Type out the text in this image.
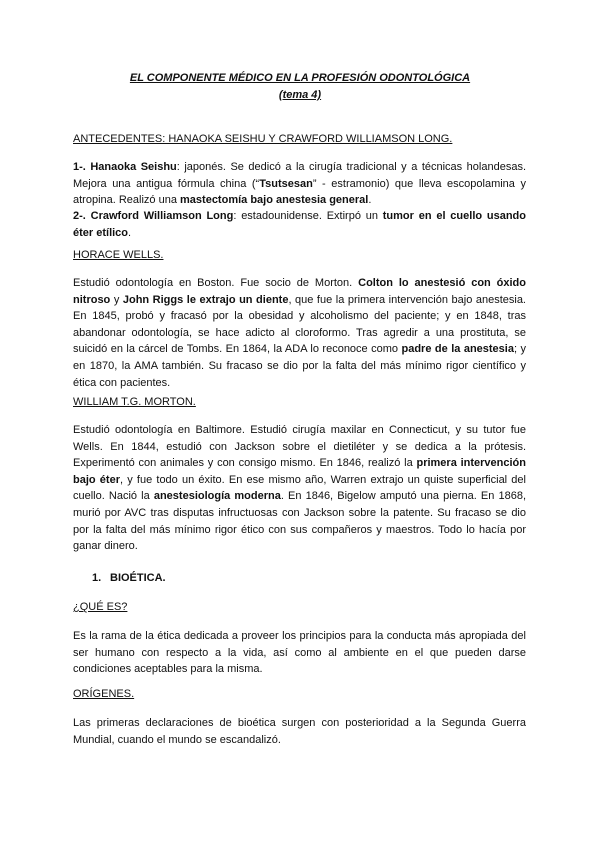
EL COMPONENTE MÉDICO EN LA PROFESIÓN ODONTOLÓGICA
(tema 4)
ANTECEDENTES: HANAOKA SEISHU Y CRAWFORD WILLIAMSON LONG.

1-. Hanaoka Seishu: japonés. Se dedicó a la cirugía tradicional y a técnicas holandesas. Mejora una antigua fórmula china (“Tsutsesan” - estramonio) que lleva escopolamina y atropina. Realizó una mastectomía bajo anestesia general.

2-. Crawford Williamson Long: estadounidense. Extirpó un tumor en el cuello usando éter etílico.

HORACE WELLS.

Estudió odontología en Boston. Fue socio de Morton. Colton lo anestesió con óxido nitroso y John Riggs le extrajo un diente, que fue la primera intervención bajo anestesia. En 1845, probó y fracasó por la obesidad y alcoholismo del paciente; y en 1848, tras abandonar odontología, se hace adicto al cloroformo. Tras agredir a una prostituta, se suicidó en la cárcel de Tombs. En 1864, la ADA lo reconoce como padre de la anestesia; y en 1870, la AMA también. Su fracaso se dio por la falta del más mínimo rigor científico y ética con pacientes.

WILLIAM T.G. MORTON.

Estudió odontología en Baltimore. Estudió cirugía maxilar en Connecticut, y su tutor fue Wells. En 1844, estudió con Jackson sobre el dietiléter y se dedica a la prótesis. Experimentó con animales y con consigo mismo. En 1846, realizó la primera intervención bajo éter, y fue todo un éxito. En ese mismo año, Warren extrajo un quiste superficial del cuello. Nació la anestesiología moderna. En 1846, Bigelow amputó una pierna. En 1868, murió por AVC tras disputas infructuosas con Jackson sobre la patente. Su fracaso se dio por la falta del más mínimo rigor ético con sus compañeros y maestros. Todo lo hacía por ganar dinero.

1. BIOÉTICA.
¿QUÉ ES?

Es la rama de la ética dedicada a proveer los principios para la conducta más apropiada del ser humano con respecto a la vida, así como al ambiente en el que pueden darse condiciones aceptables para la misma.

ORÍGENES.

Las primeras declaraciones de bioética surgen con posterioridad a la Segunda Guerra Mundial, cuando el mundo se escandalizó.
